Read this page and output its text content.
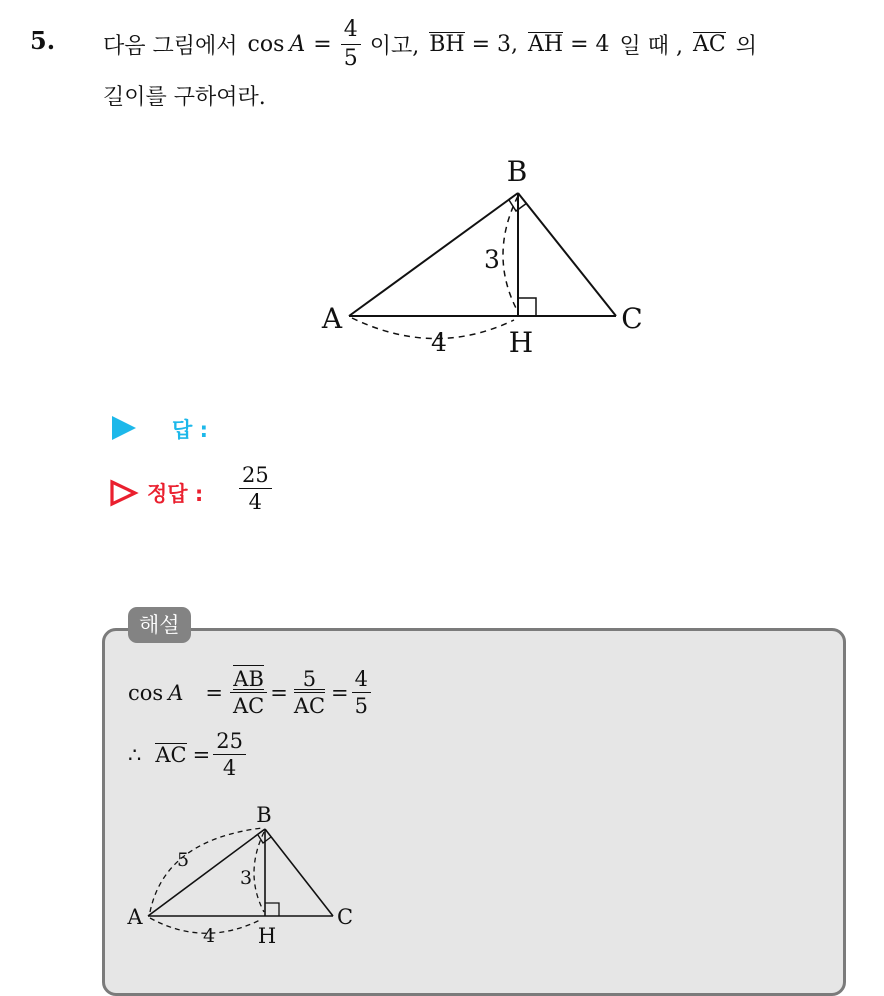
5. 다음 그림에서 $\cos A = \frac{4}{5}$ 이고, BH = 3, AH = 4 일 때 , AC 의
길이를 구하여라.
B
A	C
H
3
4
답 :
정답 : $\frac{25}{4}$
해설
$\cos A = \frac{AB}{AC} = \frac{5}{AC} = \frac{4}{5}$
∴ AC = $\frac{25}{4}$
B
A	C
H
5
3
4
